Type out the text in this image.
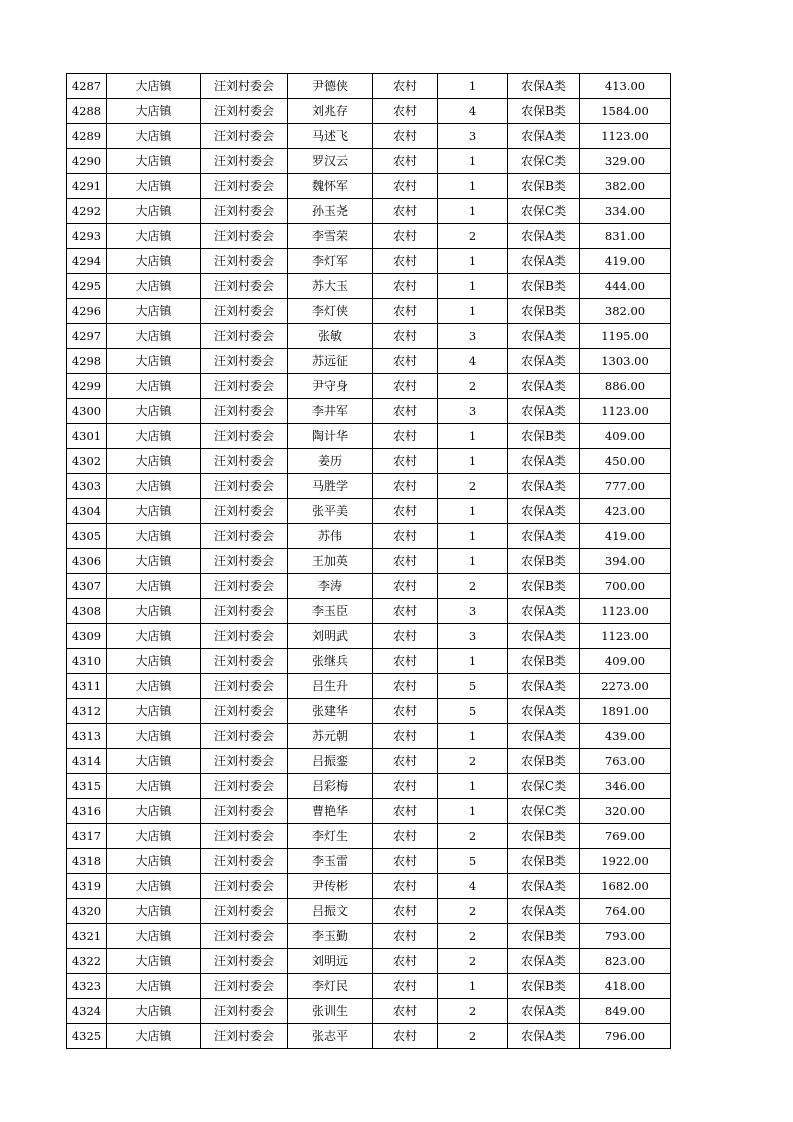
4287	大店镇	汪刘村委会	尹德侠	农村	1	农保A类	413.00
4288	大店镇	汪刘村委会	刘兆存	农村	4	农保B类	1584.00
4289	大店镇	汪刘村委会	马述飞	农村	3	农保A类	1123.00
4290	大店镇	汪刘村委会	罗汉云	农村	1	农保C类	329.00
4291	大店镇	汪刘村委会	魏怀军	农村	1	农保B类	382.00
4292	大店镇	汪刘村委会	孙玉尧	农村	1	农保C类	334.00
4293	大店镇	汪刘村委会	李雪荣	农村	2	农保A类	831.00
4294	大店镇	汪刘村委会	李灯军	农村	1	农保A类	419.00
4295	大店镇	汪刘村委会	苏大玉	农村	1	农保B类	444.00
4296	大店镇	汪刘村委会	李灯侠	农村	1	农保B类	382.00
4297	大店镇	汪刘村委会	张敏	农村	3	农保A类	1195.00
4298	大店镇	汪刘村委会	苏远征	农村	4	农保A类	1303.00
4299	大店镇	汪刘村委会	尹守身	农村	2	农保A类	886.00
4300	大店镇	汪刘村委会	李井军	农村	3	农保A类	1123.00
4301	大店镇	汪刘村委会	陶计华	农村	1	农保B类	409.00
4302	大店镇	汪刘村委会	姜历	农村	1	农保A类	450.00
4303	大店镇	汪刘村委会	马胜学	农村	2	农保A类	777.00
4304	大店镇	汪刘村委会	张平美	农村	1	农保A类	423.00
4305	大店镇	汪刘村委会	苏伟	农村	1	农保A类	419.00
4306	大店镇	汪刘村委会	王加英	农村	1	农保B类	394.00
4307	大店镇	汪刘村委会	李涛	农村	2	农保B类	700.00
4308	大店镇	汪刘村委会	李玉臣	农村	3	农保A类	1123.00
4309	大店镇	汪刘村委会	刘明武	农村	3	农保A类	1123.00
4310	大店镇	汪刘村委会	张继兵	农村	1	农保B类	409.00
4311	大店镇	汪刘村委会	吕生升	农村	5	农保A类	2273.00
4312	大店镇	汪刘村委会	张建华	农村	5	农保A类	1891.00
4313	大店镇	汪刘村委会	苏元朝	农村	1	农保A类	439.00
4314	大店镇	汪刘村委会	吕振銮	农村	2	农保B类	763.00
4315	大店镇	汪刘村委会	吕彩梅	农村	1	农保C类	346.00
4316	大店镇	汪刘村委会	曹艳华	农村	1	农保C类	320.00
4317	大店镇	汪刘村委会	李灯生	农村	2	农保B类	769.00
4318	大店镇	汪刘村委会	李玉雷	农村	5	农保B类	1922.00
4319	大店镇	汪刘村委会	尹传彬	农村	4	农保A类	1682.00
4320	大店镇	汪刘村委会	吕振文	农村	2	农保A类	764.00
4321	大店镇	汪刘村委会	李玉勤	农村	2	农保B类	793.00
4322	大店镇	汪刘村委会	刘明远	农村	2	农保A类	823.00
4323	大店镇	汪刘村委会	李灯民	农村	1	农保B类	418.00
4324	大店镇	汪刘村委会	张训生	农村	2	农保A类	849.00
4325	大店镇	汪刘村委会	张志平	农村	2	农保A类	796.00
